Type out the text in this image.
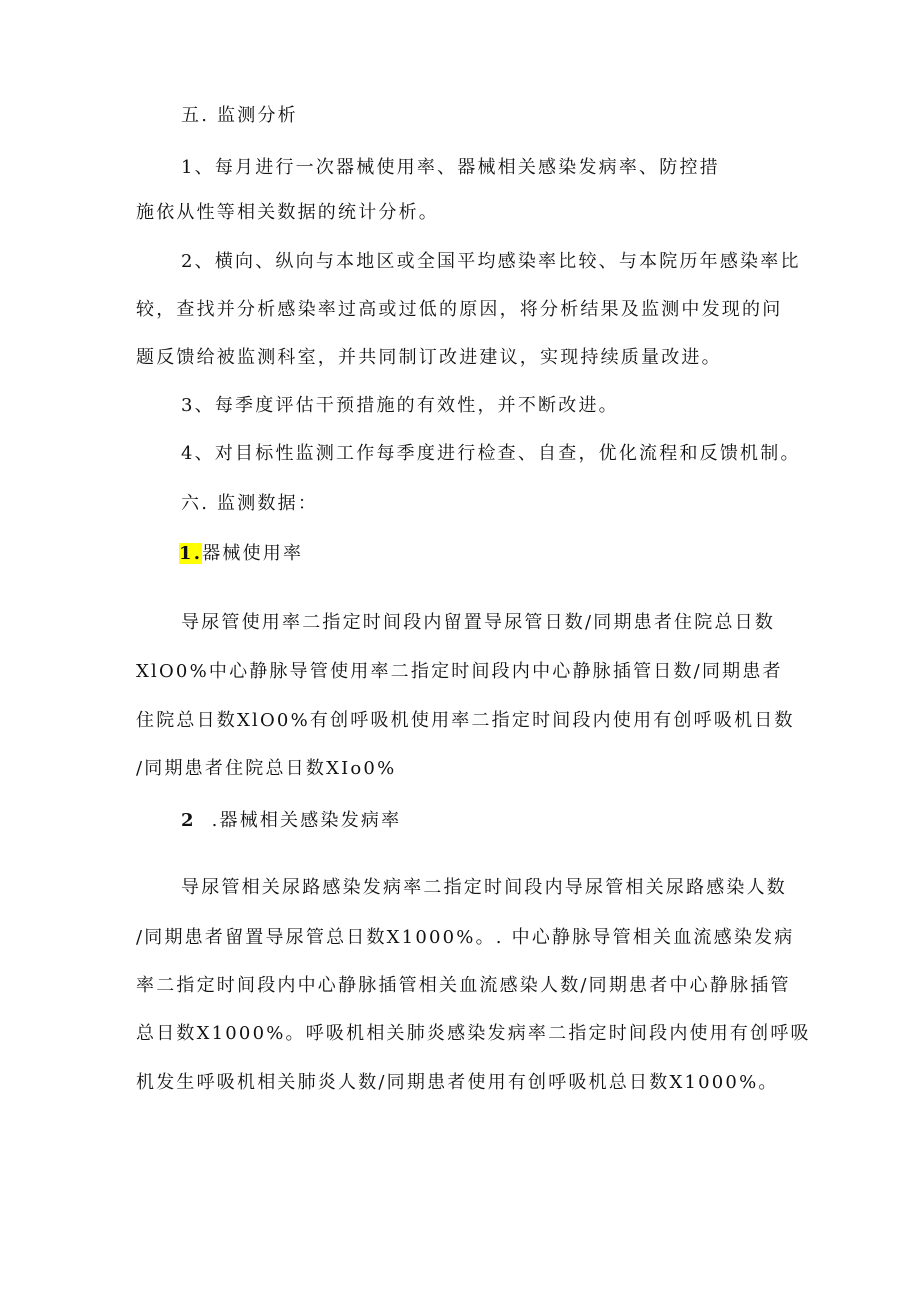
五. 监测分析
1、每月进行一次器械使用率、器械相关感染发病率、防控措
施依从性等相关数据的统计分析。
2、横向、纵向与本地区或全国平均感染率比较、与本院历年感染率比
较，查找并分析感染率过高或过低的原因，将分析结果及监测中发现的问
题反馈给被监测科室，并共同制订改进建议，实现持续质量改进。
3、每季度评估干预措施的有效性，并不断改进。
4、对目标性监测工作每季度进行检查、自查，优化流程和反馈机制。
六. 监测数据：
1.器械使用率
导尿管使用率二指定时间段内留置导尿管日数/同期患者住院总日数
XlO0%中心静脉导管使用率二指定时间段内中心静脉插管日数/同期患者
住院总日数XlO0%有创呼吸机使用率二指定时间段内使用有创呼吸机日数
/同期患者住院总日数XIo0%
2 .器械相关感染发病率
导尿管相关尿路感染发病率二指定时间段内导尿管相关尿路感染人数
/同期患者留置导尿管总日数X1000%。. 中心静脉导管相关血流感染发病
率二指定时间段内中心静脉插管相关血流感染人数/同期患者中心静脉插管
总日数X1000%。呼吸机相关肺炎感染发病率二指定时间段内使用有创呼吸
机发生呼吸机相关肺炎人数/同期患者使用有创呼吸机总日数X1000%。
